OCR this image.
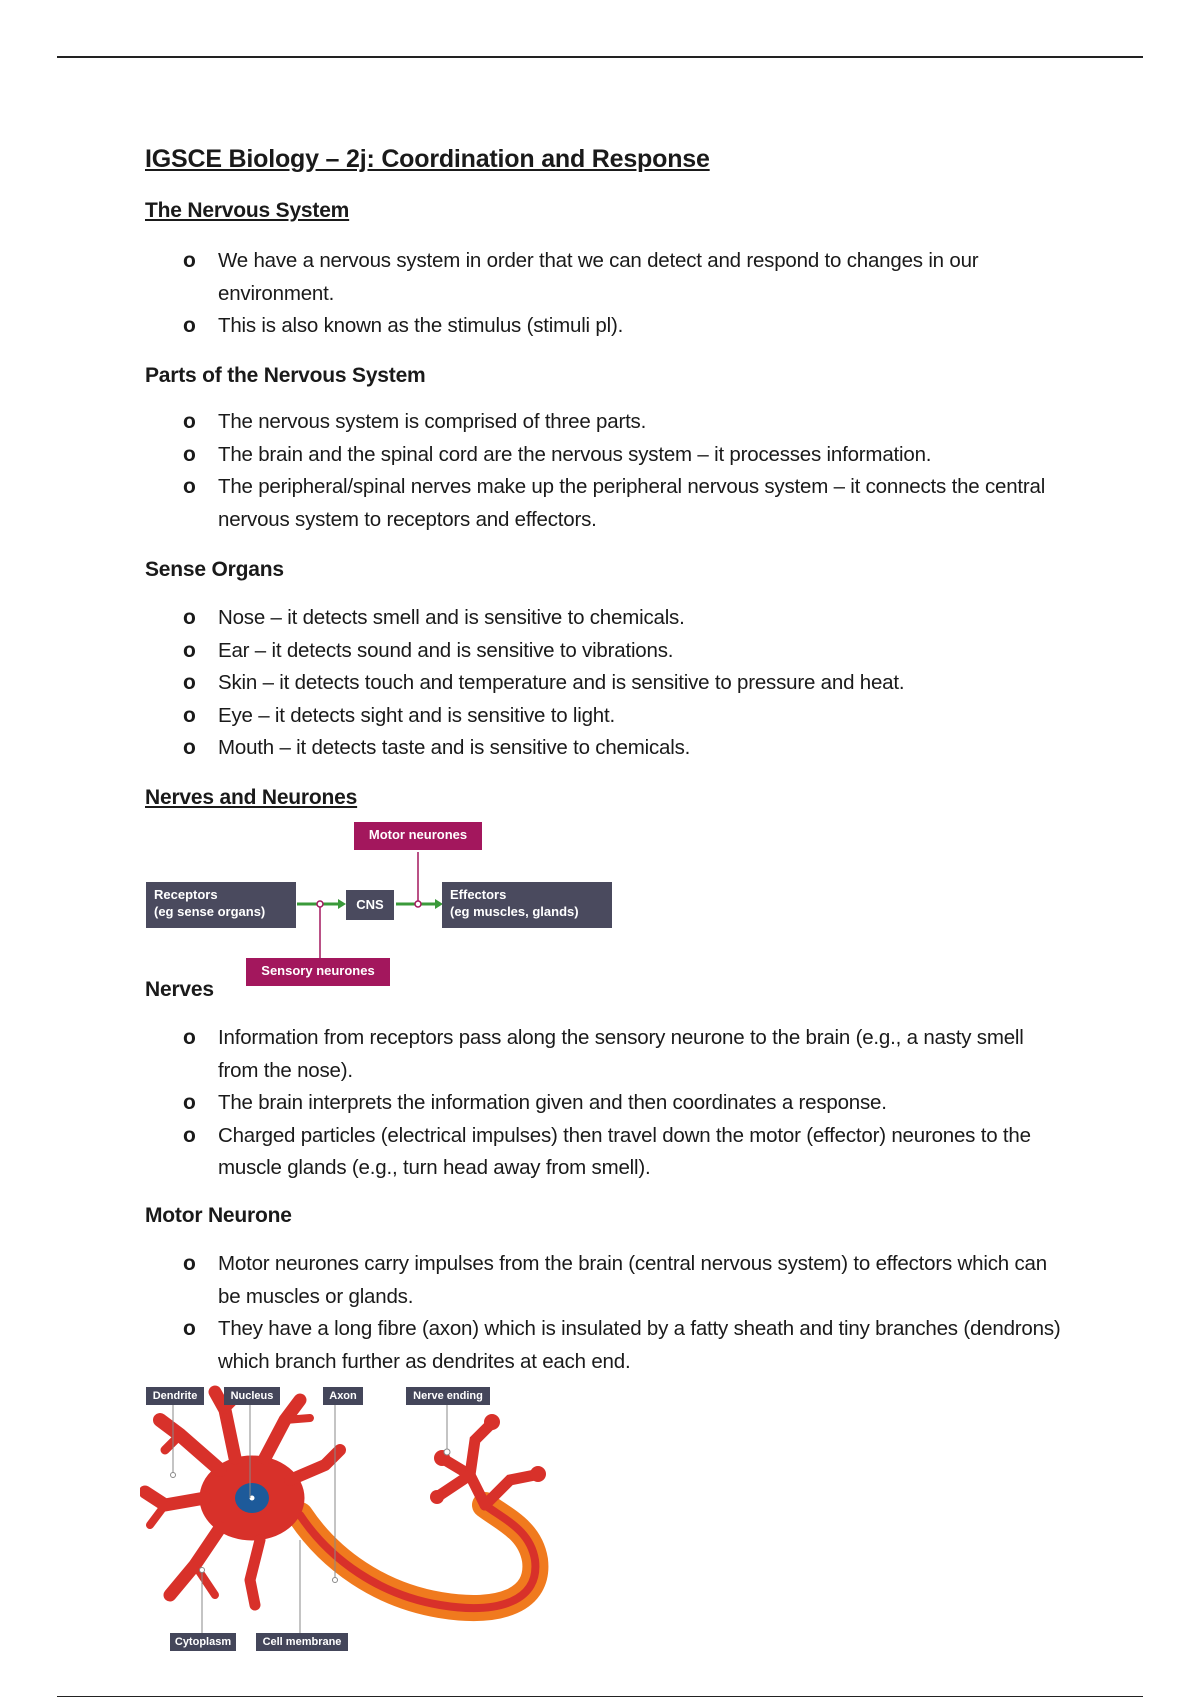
IGSCE Biology – 2j: Coordination and Response
The Nervous System
o We have a nervous system in order that we can detect and respond to changes in our environment.
o This is also known as the stimulus (stimuli pl).
Parts of the Nervous System
o The nervous system is comprised of three parts.
o The brain and the spinal cord are the nervous system – it processes information.
o The peripheral/spinal nerves make up the peripheral nervous system – it connects the central nervous system to receptors and effectors.
Sense Organs
o Nose – it detects smell and is sensitive to chemicals.
o Ear – it detects sound and is sensitive to vibrations.
o Skin – it detects touch and temperature and is sensitive to pressure and heat.
o Eye – it detects sight and is sensitive to light.
o Mouth – it detects taste and is sensitive to chemicals.
Nerves and Neurones
Motor neurones
Receptors
(eg sense organs)	CNS
Effectors
(eg muscles, glands)
Sensory neurones
Nerves
o Information from receptors pass along the sensory neurone to the brain (e.g., a nasty smell from the nose).
o The brain interprets the information given and then coordinates a response.
o Charged particles (electrical impulses) then travel down the motor (effector) neurones to the muscle glands (e.g., turn head away from smell).
Motor Neurone
o Motor neurones carry impulses from the brain (central nervous system) to effectors which can be muscles or glands.
o They have a long fibre (axon) which is insulated by a fatty sheath and tiny branches (dendrons) which branch further as dendrites at each end.
Dendrite	Nucleus	Axon	Nerve ending
Cytoplasm	Cell membrane
